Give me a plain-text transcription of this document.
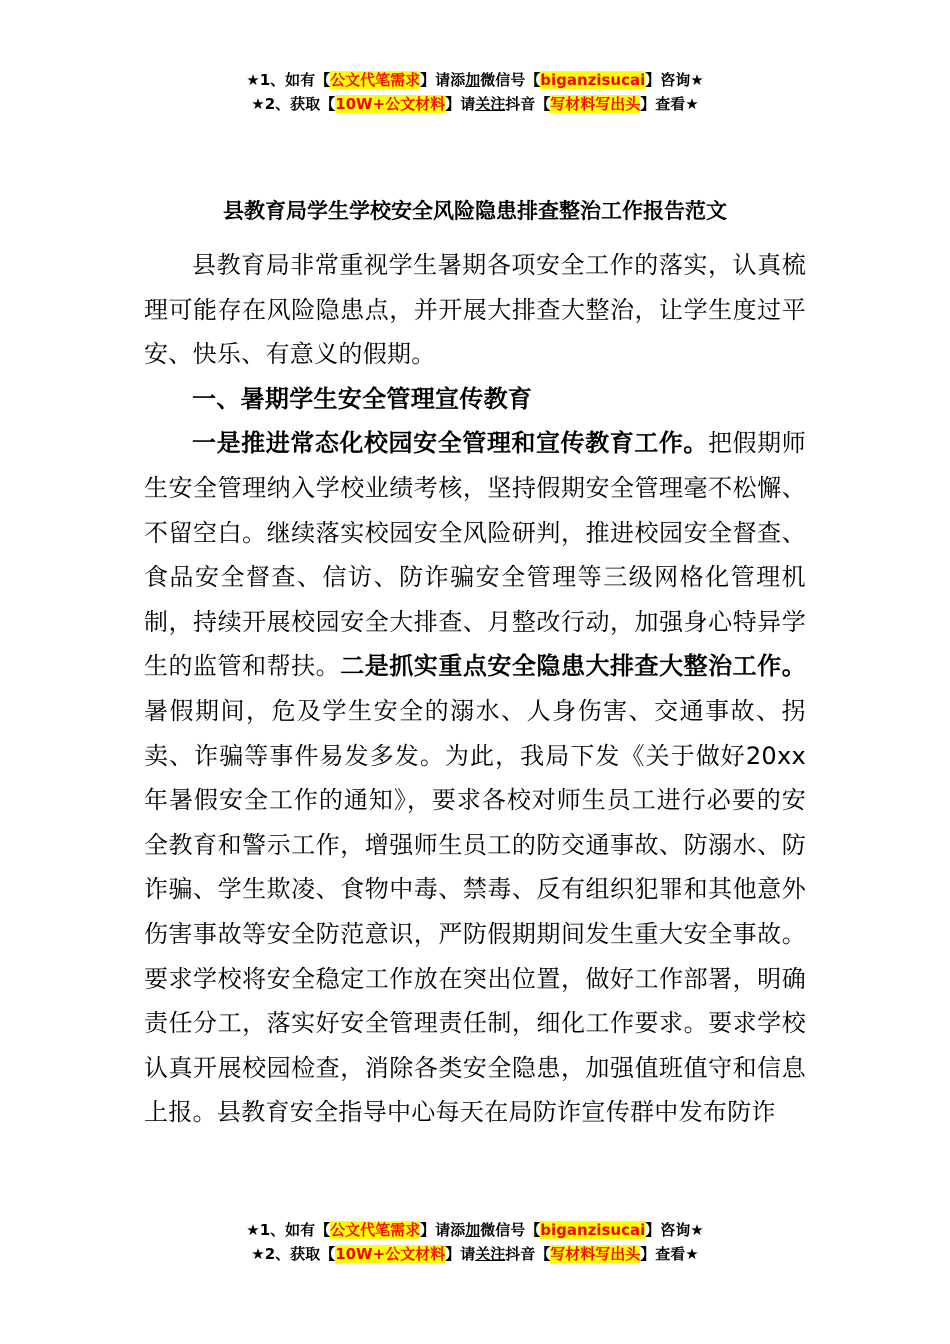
★1、如有【公文代笔需求】请添加微信号【biganzisucai】咨询★
★2、获取【10W+公文材料】请关注抖音【写材料写出头】查看★
县教育局学生学校安全风险隐患排查整治工作报告范文

县教育局非常重视学生暑期各项安全工作的落实，认真梳理可能存在风险隐患点，并开展大排查大整治，让学生度过平安、快乐、有意义的假期。

一、暑期学生安全管理宣传教育

一是推进常态化校园安全管理和宣传教育工作。把假期师生安全管理纳入学校业绩考核，坚持假期安全管理毫不松懈、不留空白。继续落实校园安全风险研判，推进校园安全督查、食品安全督查、信访、防诈骗安全管理等三级网格化管理机制，持续开展校园安全大排查、月整改行动，加强身心特异学生的监管和帮扶。二是抓实重点安全隐患大排查大整治工作。暑假期间，危及学生安全的溺水、人身伤害、交通事故、拐卖、诈骗等事件易发多发。为此，我局下发《关于做好20xx年暑假安全工作的通知》，要求各校对师生员工进行必要的安全教育和警示工作，增强师生员工的防交通事故、防溺水、防诈骗、学生欺凌、食物中毒、禁毒、反有组织犯罪和其他意外伤害事故等安全防范意识，严防假期期间发生重大安全事故。要求学校将安全稳定工作放在突出位置，做好工作部署，明确责任分工，落实好安全管理责任制，细化工作要求。要求学校认真开展校园检查，消除各类安全隐患，加强值班值守和信息上报。县教育安全指导中心每天在局防诈宣传群中发布防诈

★1、如有【公文代笔需求】请添加微信号【biganzisucai】咨询★
★2、获取【10W+公文材料】请关注抖音【写材料写出头】查看★
